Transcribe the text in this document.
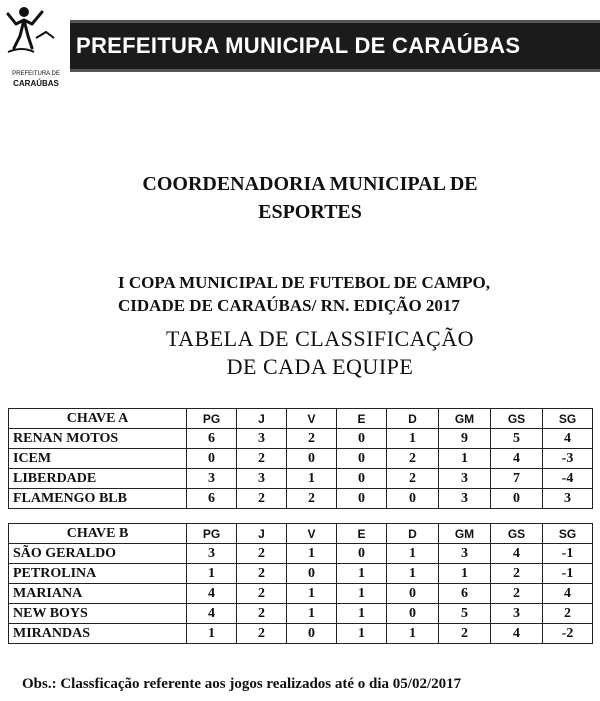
PREFEITURA DE
CARAÚBAS
PREFEITURA MUNICIPAL DE CARAÚBAS
COORDENADORIA MUNICIPAL DE
ESPORTES
I COPA MUNICIPAL DE FUTEBOL DE CAMPO,
CIDADE DE CARAÚBAS/ RN. EDIÇÃO 2017
TABELA DE CLASSIFICAÇÃO
DE CADA EQUIPE
CHAVE A	PG	J	V	E	D	GM	GS	SG
RENAN MOTOS	6	3	2	0	1	9	5	4
ICEM	0	2	0	0	2	1	4	-3
LIBERDADE	3	3	1	0	2	3	7	-4
FLAMENGO BLB	6	2	2	0	0	3	0	3

CHAVE B	PG	J	V	E	D	GM	GS	SG
SÃO GERALDO	3	2	1	0	1	3	4	-1
PETROLINA	1	2	0	1	1	1	2	-1
MARIANA	4	2	1	1	0	6	2	4
NEW BOYS	4	2	1	1	0	5	3	2
MIRANDAS	1	2	0	1	1	2	4	-2
Obs.: Classficação referente aos jogos realizados até o dia 05/02/2017
